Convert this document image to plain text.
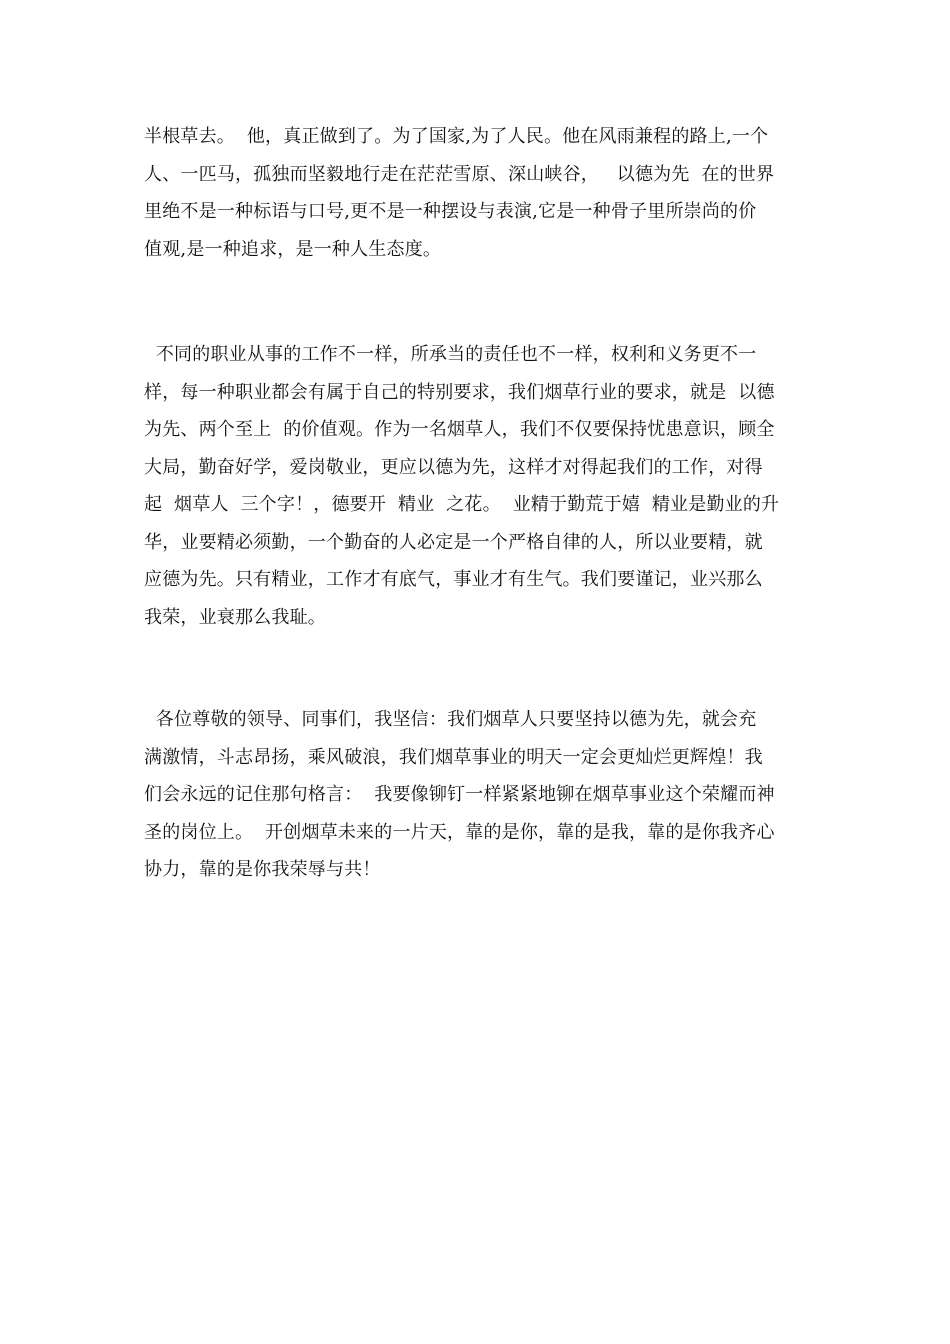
半根草去。  他，真正做到了。为了国家,为了人民。他在风雨兼程的路上,一个
人、一匹马，孤独而坚毅地行走在茫茫雪原、深山峡谷，   以德为先  在的世界
里绝不是一种标语与口号,更不是一种摆设与表演,它是一种骨子里所崇尚的价
值观,是一种追求，是一种人生态度。
不同的职业从事的工作不一样，所承当的责任也不一样，权利和义务更不一
样，每一种职业都会有属于自己的特别要求，我们烟草行业的要求，就是  以德
为先、两个至上  的价值观。作为一名烟草人，我们不仅要保持忧患意识，顾全
大局，勤奋好学，爱岗敬业，更应以德为先，这样才对得起我们的工作，对得
起  烟草人  三个字！，德要开  精业  之花。  业精于勤荒于嬉  精业是勤业的升
华，业要精必须勤，一个勤奋的人必定是一个严格自律的人，所以业要精，就
应德为先。只有精业，工作才有底气，事业才有生气。我们要谨记，业兴那么
我荣，业衰那么我耻。
各位尊敬的领导、同事们，我坚信：我们烟草人只要坚持以德为先，就会充
满激情，斗志昂扬，乘风破浪，我们烟草事业的明天一定会更灿烂更辉煌！我
们会永远的记住那句格言：  我要像铆钉一样紧紧地铆在烟草事业这个荣耀而神
圣的岗位上。  开创烟草未来的一片天，靠的是你，靠的是我，靠的是你我齐心
协力，靠的是你我荣辱与共！
